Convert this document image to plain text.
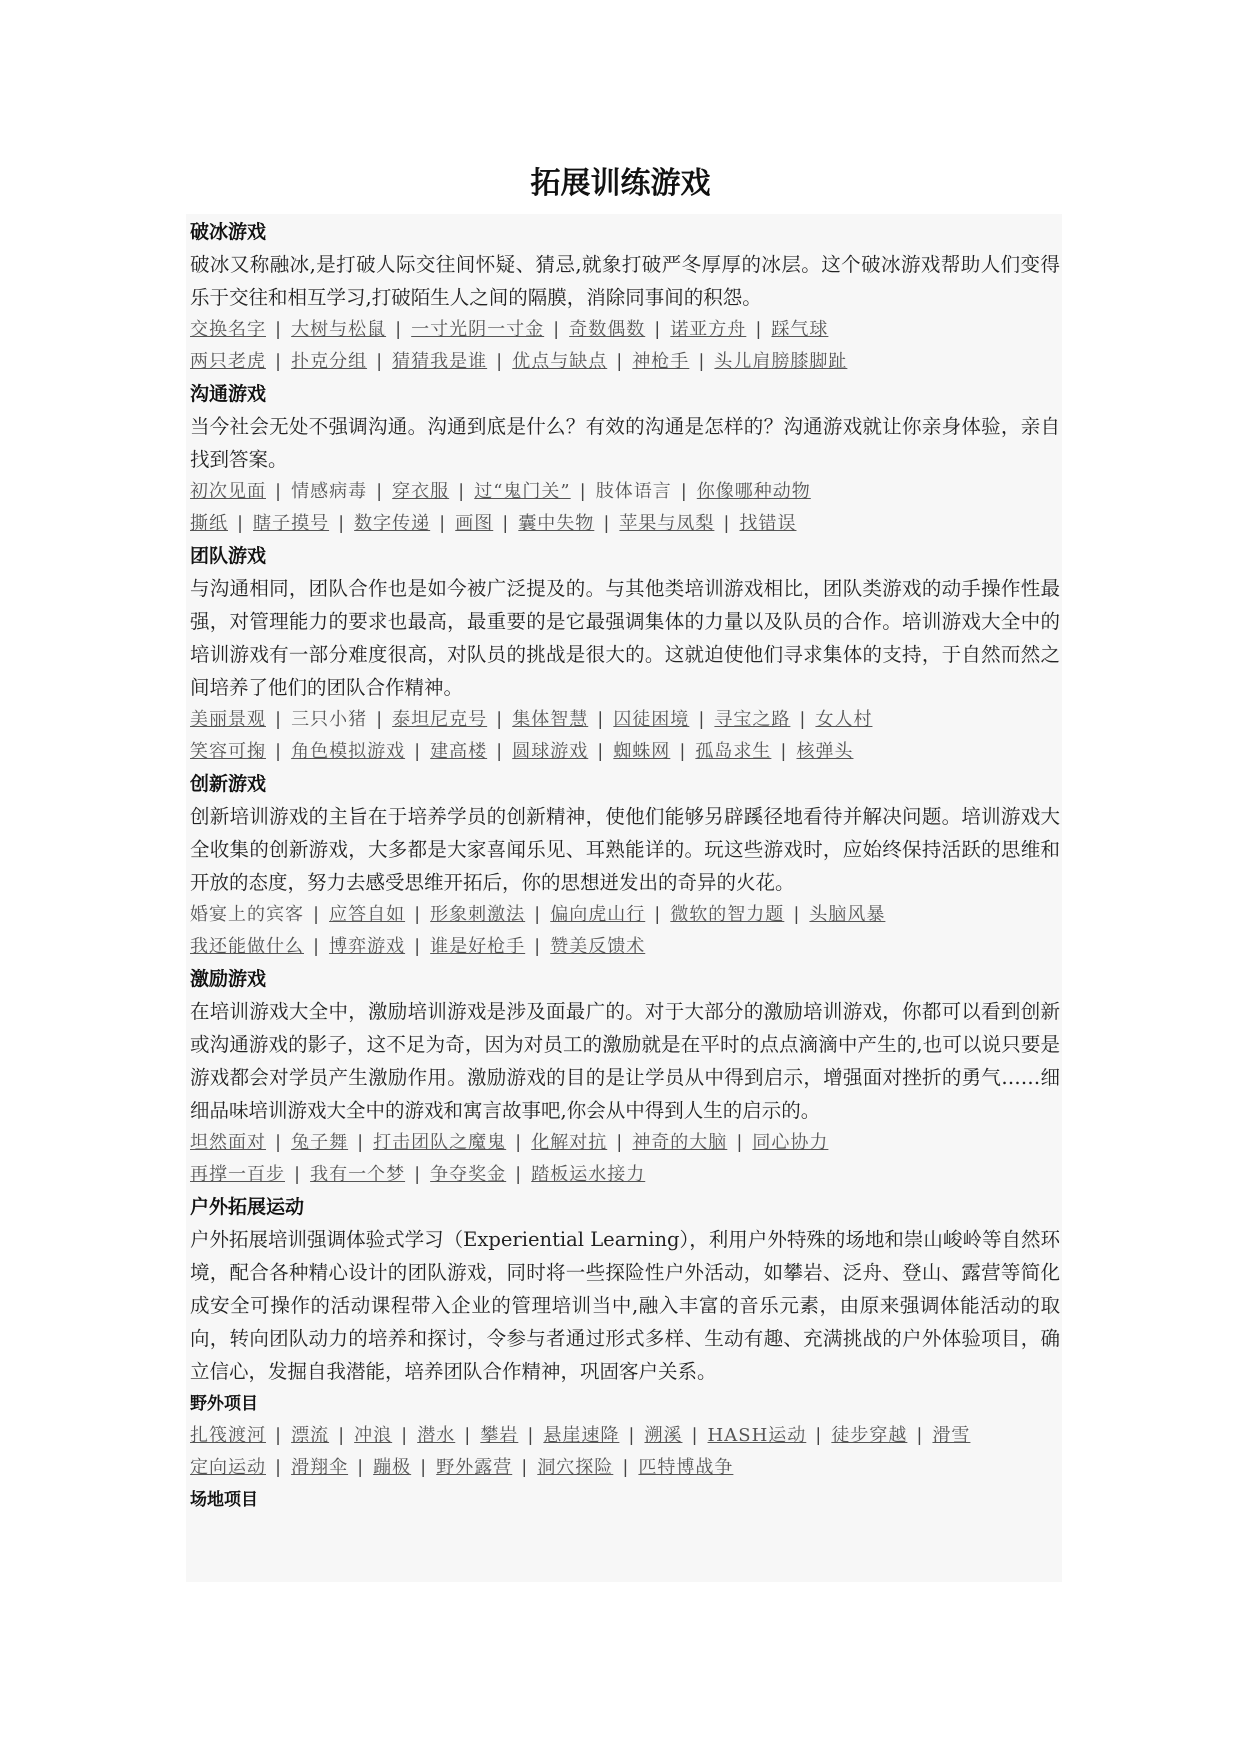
拓展训练游戏
破冰游戏
破冰又称融冰,是打破人际交往间怀疑、猜忌,就象打破严冬厚厚的冰层。这个破冰游戏帮助人们变得乐于交往和相互学习,打破陌生人之间的隔膜，消除同事间的积怨。
交换名字 | 大树与松鼠 | 一寸光阴一寸金 | 奇数偶数 | 诺亚方舟 | 踩气球
两只老虎 | 扑克分组 | 猜猜我是谁 | 优点与缺点 | 神枪手 | 头儿肩膀膝脚趾
沟通游戏
当今社会无处不强调沟通。沟通到底是什么？有效的沟通是怎样的？沟通游戏就让你亲身体验，亲自找到答案。
初次见面 | 情感病毒 | 穿衣服 | 过“鬼门关” | 肢体语言 | 你像哪种动物
撕纸 | 瞎子摸号 | 数字传递 | 画图 | 囊中失物 | 苹果与凤梨 | 找错误
团队游戏
与沟通相同，团队合作也是如今被广泛提及的。与其他类培训游戏相比，团队类游戏的动手操作性最强，对管理能力的要求也最高，最重要的是它最强调集体的力量以及队员的合作。培训游戏大全中的培训游戏有一部分难度很高，对队员的挑战是很大的。这就迫使他们寻求集体的支持，于自然而然之间培养了他们的团队合作精神。
美丽景观 | 三只小猪 | 泰坦尼克号 | 集体智慧 | 囚徒困境 | 寻宝之路 | 女人村
笑容可掬 | 角色模拟游戏 | 建高楼 | 圆球游戏 | 蜘蛛网 | 孤岛求生 | 核弹头
创新游戏
创新培训游戏的主旨在于培养学员的创新精神，使他们能够另辟蹊径地看待并解决问题。培训游戏大全收集的创新游戏，大多都是大家喜闻乐见、耳熟能详的。玩这些游戏时，应始终保持活跃的思维和开放的态度，努力去感受思维开拓后，你的思想迸发出的奇异的火花。
婚宴上的宾客 | 应答自如 | 形象刺激法 | 偏向虎山行 | 微软的智力题 | 头脑风暴
我还能做什么 | 博弈游戏 | 谁是好枪手 | 赞美反馈术
激励游戏
在培训游戏大全中，激励培训游戏是涉及面最广的。对于大部分的激励培训游戏，你都可以看到创新或沟通游戏的影子，这不足为奇，因为对员工的激励就是在平时的点点滴滴中产生的,也可以说只要是游戏都会对学员产生激励作用。激励游戏的目的是让学员从中得到启示，增强面对挫折的勇气……细细品味培训游戏大全中的游戏和寓言故事吧,你会从中得到人生的启示的。
坦然面对 | 兔子舞 | 打击团队之魔鬼 | 化解对抗 | 神奇的大脑 | 同心协力
再撑一百步 | 我有一个梦 | 争夺奖金 | 踏板运水接力
户外拓展运动
户外拓展培训强调体验式学习（Experiential Learning），利用户外特殊的场地和崇山峻岭等自然环境，配合各种精心设计的团队游戏，同时将一些探险性户外活动，如攀岩、泛舟、登山、露营等简化成安全可操作的活动课程带入企业的管理培训当中,融入丰富的音乐元素，由原来强调体能活动的取向，转向团队动力的培养和探讨，令参与者通过形式多样、生动有趣、充满挑战的户外体验项目，确立信心，发掘自我潜能，培养团队合作精神，巩固客户关系。
野外项目
扎筏渡河 | 漂流 | 冲浪 | 潜水 | 攀岩 | 悬崖速降 | 溯溪 | HASH运动 | 徒步穿越 | 滑雪
定向运动 | 滑翔伞 | 蹦极 | 野外露营 | 洞穴探险 | 匹特博战争
场地项目
